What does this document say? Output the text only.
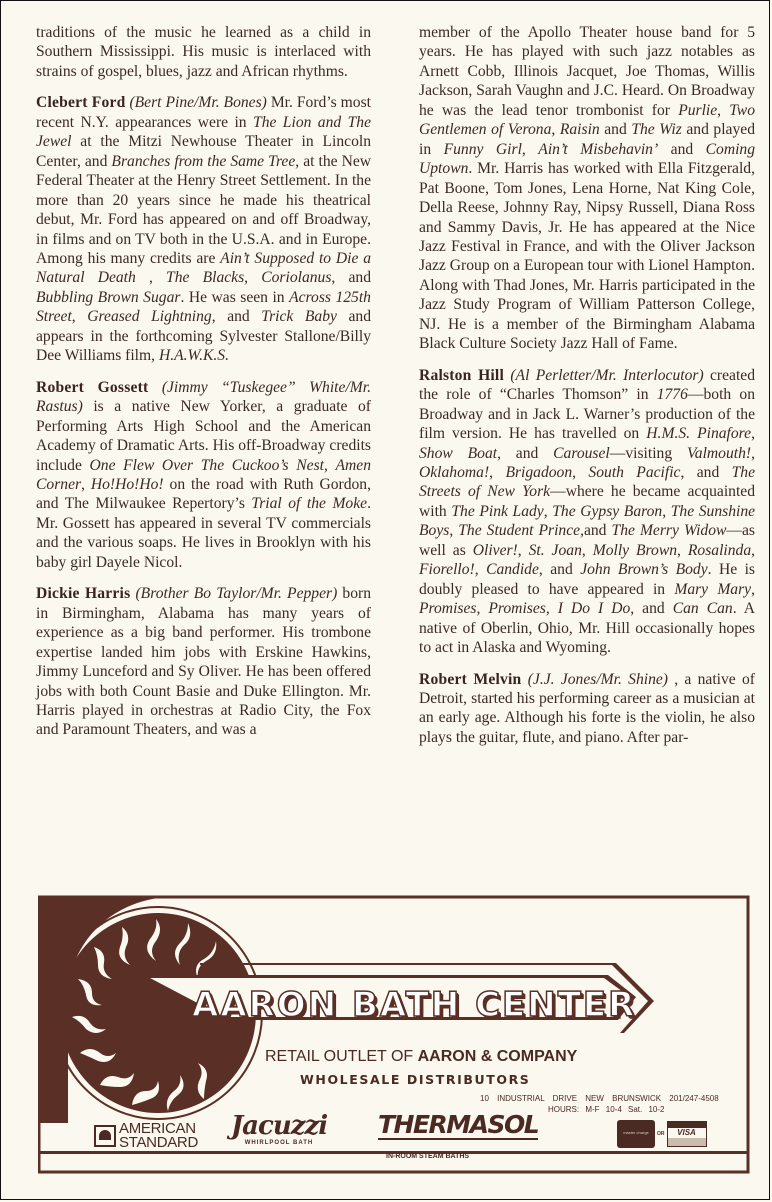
traditions of the music he learned as a child in Southern Mississippi. His music is interlaced with strains of gospel, blues, jazz and African rhythms.

Clebert Ford (Bert Pine/Mr. Bones) Mr. Ford’s most recent N.Y. appearances were in The Lion and The Jewel at the Mitzi Newhouse Theater in Lincoln Center, and Branches from the Same Tree, at the New Federal Theater at the Henry Street Settlement. In the more than 20 years since he made his theatrical debut, Mr. Ford has appeared on and off Broadway, in films and on TV both in the U.S.A. and in Europe. Among his many credits are Ain’t Supposed to Die a Natural Death , The Blacks, Coriolanus, and Bubbling Brown Sugar. He was seen in Across 125th Street, Greased Lightning, and Trick Baby and appears in the forthcoming Sylvester Stallone/Billy Dee Williams film, H.A.W.K.S.

Robert Gossett (Jimmy “Tuskegee” White/Mr. Rastus) is a native New Yorker, a graduate of Performing Arts High School and the American Academy of Dramatic Arts. His off-Broadway credits include One Flew Over The Cuckoo’s Nest, Amen Corner, Ho!Ho!Ho! on the road with Ruth Gordon, and The Milwaukee Repertory’s Trial of the Moke. Mr. Gossett has appeared in several TV commercials and the various soaps. He lives in Brooklyn with his baby girl Dayele Nicol.

Dickie Harris (Brother Bo Taylor/Mr. Pepper) born in Birmingham, Alabama has many years of experience as a big band performer. His trombone expertise landed him jobs with Erskine Hawkins, Jimmy Lunceford and Sy Oliver. He has been offered jobs with both Count Basie and Duke Ellington. Mr. Harris played in orchestras at Radio City, the Fox and Paramount Theaters, and was a

member of the Apollo Theater house band for 5 years. He has played with such jazz notables as Arnett Cobb, Illinois Jacquet, Joe Thomas, Willis Jackson, Sarah Vaughn and J.C. Heard. On Broadway he was the lead tenor trombonist for Purlie, Two Gentlemen of Verona, Raisin and The Wiz and played in Funny Girl, Ain’t Misbehavin’ and Coming Uptown. Mr. Harris has worked with Ella Fitzgerald, Pat Boone, Tom Jones, Lena Horne, Nat King Cole, Della Reese, Johnny Ray, Nipsy Russell, Diana Ross and Sammy Davis, Jr. He has appeared at the Nice Jazz Festival in France, and with the Oliver Jackson Jazz Group on a European tour with Lionel Hampton. Along with Thad Jones, Mr. Harris participated in the Jazz Study Program of William Patterson College, NJ. He is a member of the Birmingham Alabama Black Culture Society Jazz Hall of Fame.

Ralston Hill (Al Perletter/Mr. Interlocutor) created the role of “Charles Thomson” in 1776—both on Broadway and in Jack L. Warner’s production of the film version. He has travelled on H.M.S. Pinafore, Show Boat, and Carousel—visiting Valmouth!, Oklahoma!, Brigadoon, South Pacific, and The Streets of New York—where he became acquainted with The Pink Lady, The Gypsy Baron, The Sunshine Boys, The Student Prince,and The Merry Widow—as well as Oliver!, St. Joan, Molly Brown, Rosalinda, Fiorello!, Candide, and John Brown’s Body. He is doubly pleased to have appeared in Mary Mary, Promises, Promises, I Do I Do, and Can Can. A native of Oberlin, Ohio, Mr. Hill occasionally hopes to act in Alaska and Wyoming.

Robert Melvin (J.J. Jones/Mr. Shine) , a native of Detroit, started his performing career as a musician at an early age. Although his forte is the violin, he also plays the guitar, flute, and piano. After par-

AARON BATH CENTER
RETAIL OUTLET OF AARON & COMPANY
WHOLESALE DISTRIBUTORS
10 INDUSTRIAL DRIVE NEW BRUNSWICK 201/247-4508
HOURS: M-F 10-4 Sat. 10-2
AMERICAN
STANDARD
Jacuzzi
WHIRLPOOL BATH
THERMASOL
IN-ROOM STEAM BATHS
master charge	OR	VISA
